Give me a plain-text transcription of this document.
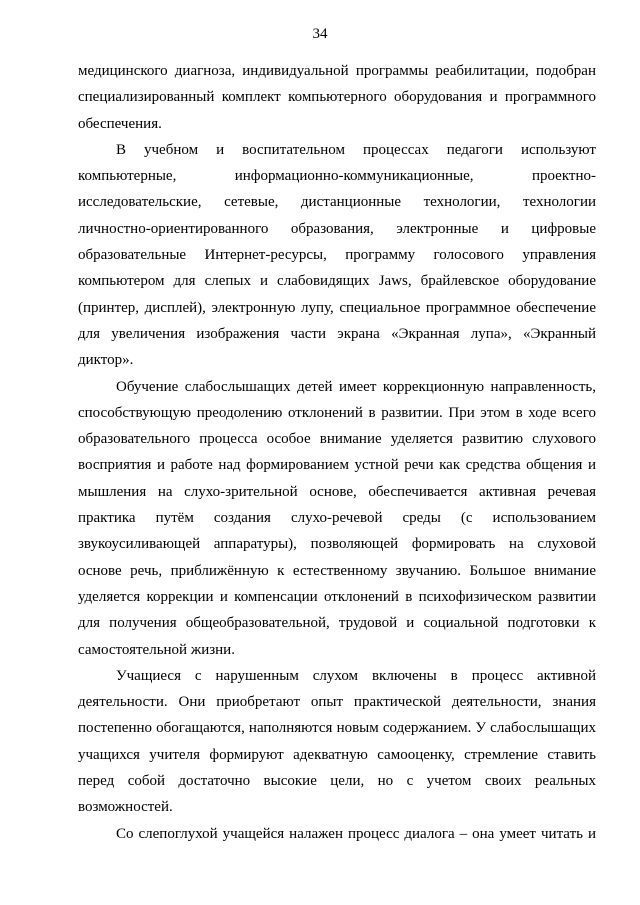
34
медицинского диагноза, индивидуальной программы реабилитации, подобран
специализированный комплект компьютерного оборудования и программного
обеспечения.
В учебном и воспитательном процессах педагоги используют
компьютерные, информационно-коммуникационные, проектно-
исследовательские, сетевые, дистанционные технологии, технологии
личностно-ориентированного образования, электронные и цифровые
образовательные Интернет-ресурсы, программу голосового управления
компьютером для слепых и слабовидящих Jaws, брайлевское оборудование
(принтер, дисплей), электронную лупу, специальное программное обеспечение
для увеличения изображения части экрана «Экранная лупа», «Экранный
диктор».
Обучение слабослышащих детей имеет коррекционную направленность,
способствующую преодолению отклонений в развитии. При этом в ходе всего
образовательного процесса особое внимание уделяется развитию слухового
восприятия и работе над формированием устной речи как средства общения и
мышления на слухо-зрительной основе, обеспечивается активная речевая
практика путём создания слухо-речевой среды (с использованием
звукоусиливающей аппаратуры), позволяющей формировать на слуховой
основе речь, приближённую к естественному звучанию. Большое внимание
уделяется коррекции и компенсации отклонений в психофизическом развитии
для получения общеобразовательной, трудовой и социальной подготовки к
самостоятельной жизни.
Учащиеся с нарушенным слухом включены в процесс активной
деятельности. Они приобретают опыт практической деятельности, знания
постепенно обогащаются, наполняются новым содержанием. У слабослышащих
учащихся учителя формируют адекватную самооценку, стремление ставить
перед собой достаточно высокие цели, но с учетом своих реальных
возможностей.
Со слепоглухой учащейся налажен процесс диалога – она умеет читать и
